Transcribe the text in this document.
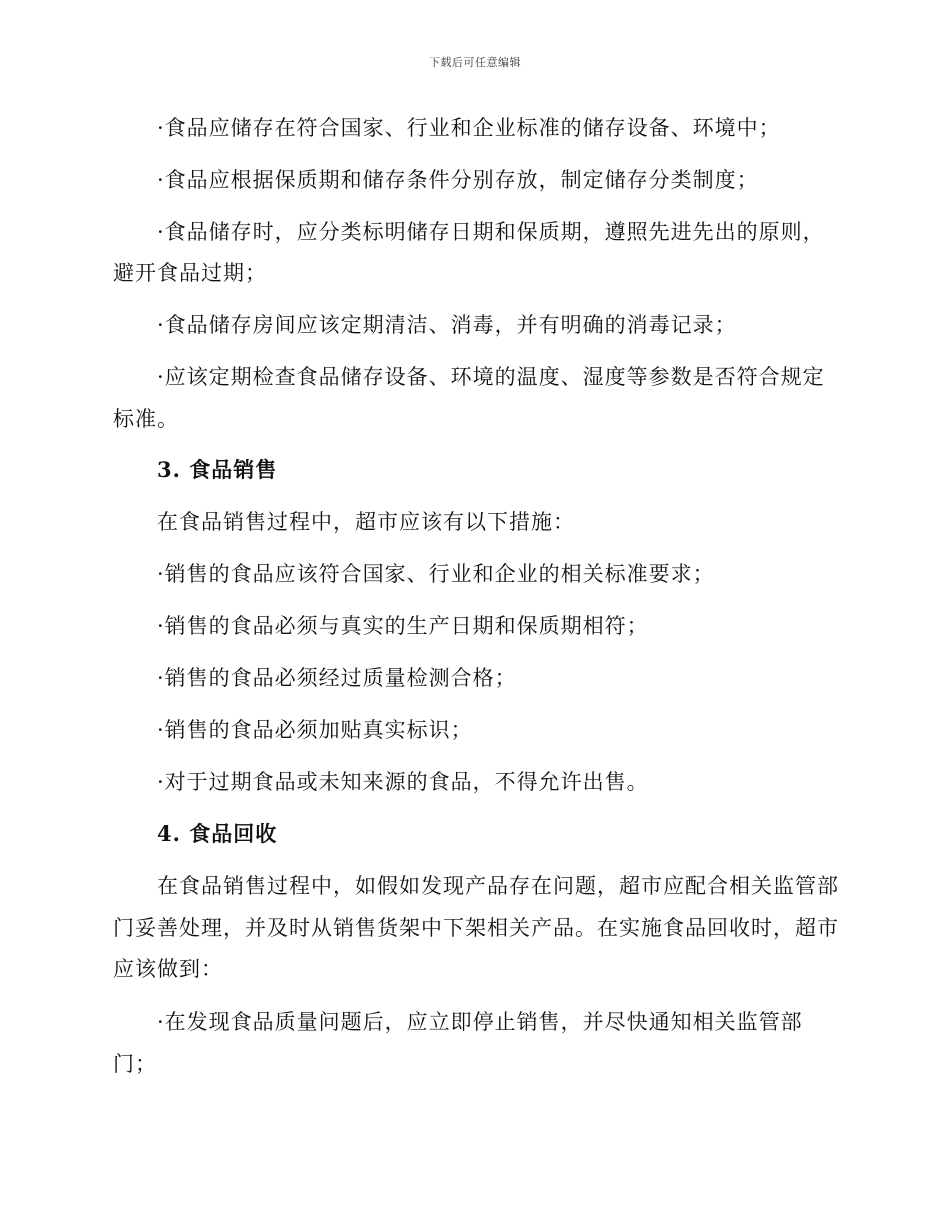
下载后可任意编辑
·食品应储存在符合国家、行业和企业标准的储存设备、环境中；
·食品应根据保质期和储存条件分别存放，制定储存分类制度；
·食品储存时，应分类标明储存日期和保质期，遵照先进先出的原则，
避开食品过期；
·食品储存房间应该定期清洁、消毒，并有明确的消毒记录；
·应该定期检查食品储存设备、环境的温度、湿度等参数是否符合规定
标准。
3. 食品销售
在食品销售过程中，超市应该有以下措施：
·销售的食品应该符合国家、行业和企业的相关标准要求；
·销售的食品必须与真实的生产日期和保质期相符；
·销售的食品必须经过质量检测合格；
·销售的食品必须加贴真实标识；
·对于过期食品或未知来源的食品，不得允许出售。
4. 食品回收
在食品销售过程中，如假如发现产品存在问题，超市应配合相关监管部
门妥善处理，并及时从销售货架中下架相关产品。在实施食品回收时，超市
应该做到：
·在发现食品质量问题后，应立即停止销售，并尽快通知相关监管部
门；
